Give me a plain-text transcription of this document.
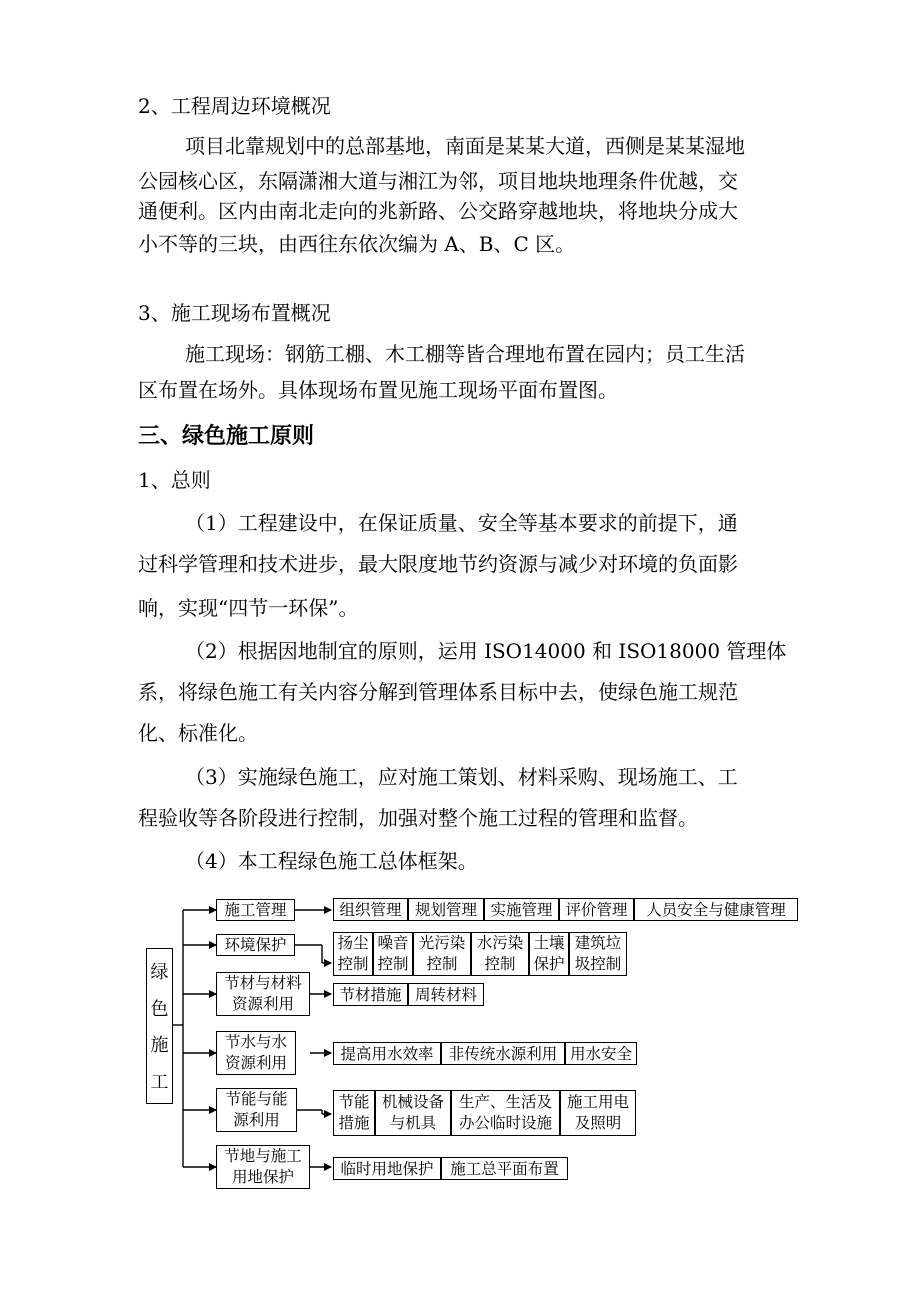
2、工程周边环境概况
项目北靠规划中的总部基地，南面是某某大道，西侧是某某湿地
公园核心区，东隔潇湘大道与湘江为邻，项目地块地理条件优越，交
通便利。区内由南北走向的兆新路、公交路穿越地块，将地块分成大
小不等的三块，由西往东依次编为 A、B、C 区。
3、施工现场布置概况
施工现场：钢筋工棚、木工棚等皆合理地布置在园内；员工生活
区布置在场外。具体现场布置见施工现场平面布置图。
三、绿色施工原则
1、总则
（1）工程建设中，在保证质量、安全等基本要求的前提下，通
过科学管理和技术进步，最大限度地节约资源与减少对环境的负面影
响，实现“四节一环保”。
（2）根据因地制宜的原则，运用 ISO14000 和 ISO18000 管理体
系，将绿色施工有关内容分解到管理体系目标中去，使绿色施工规范
化、标准化。
（3）实施绿色施工，应对施工策划、材料采购、现场施工、工
程验收等各阶段进行控制，加强对整个施工过程的管理和监督。
（4）本工程绿色施工总体框架。
绿
色
施
工
施工管理
环境保护
节材与材料资源利用
节水与水资源利用
节能与能源利用
节地与施工用地保护
组织管理 规划管理 实施管理 评价管理	人员安全与健康管理
扬尘控制
噪音控制
光污染控制
水污染控制
土壤保护
建筑垃圾控制
节材措施 周转材料
提高用水效率 非传统水源利用 用水安全
节能措施
机械设备与机具
生产、生活及办公临时设施
施工用电及照明
临时用地保护	施工总平面布置
